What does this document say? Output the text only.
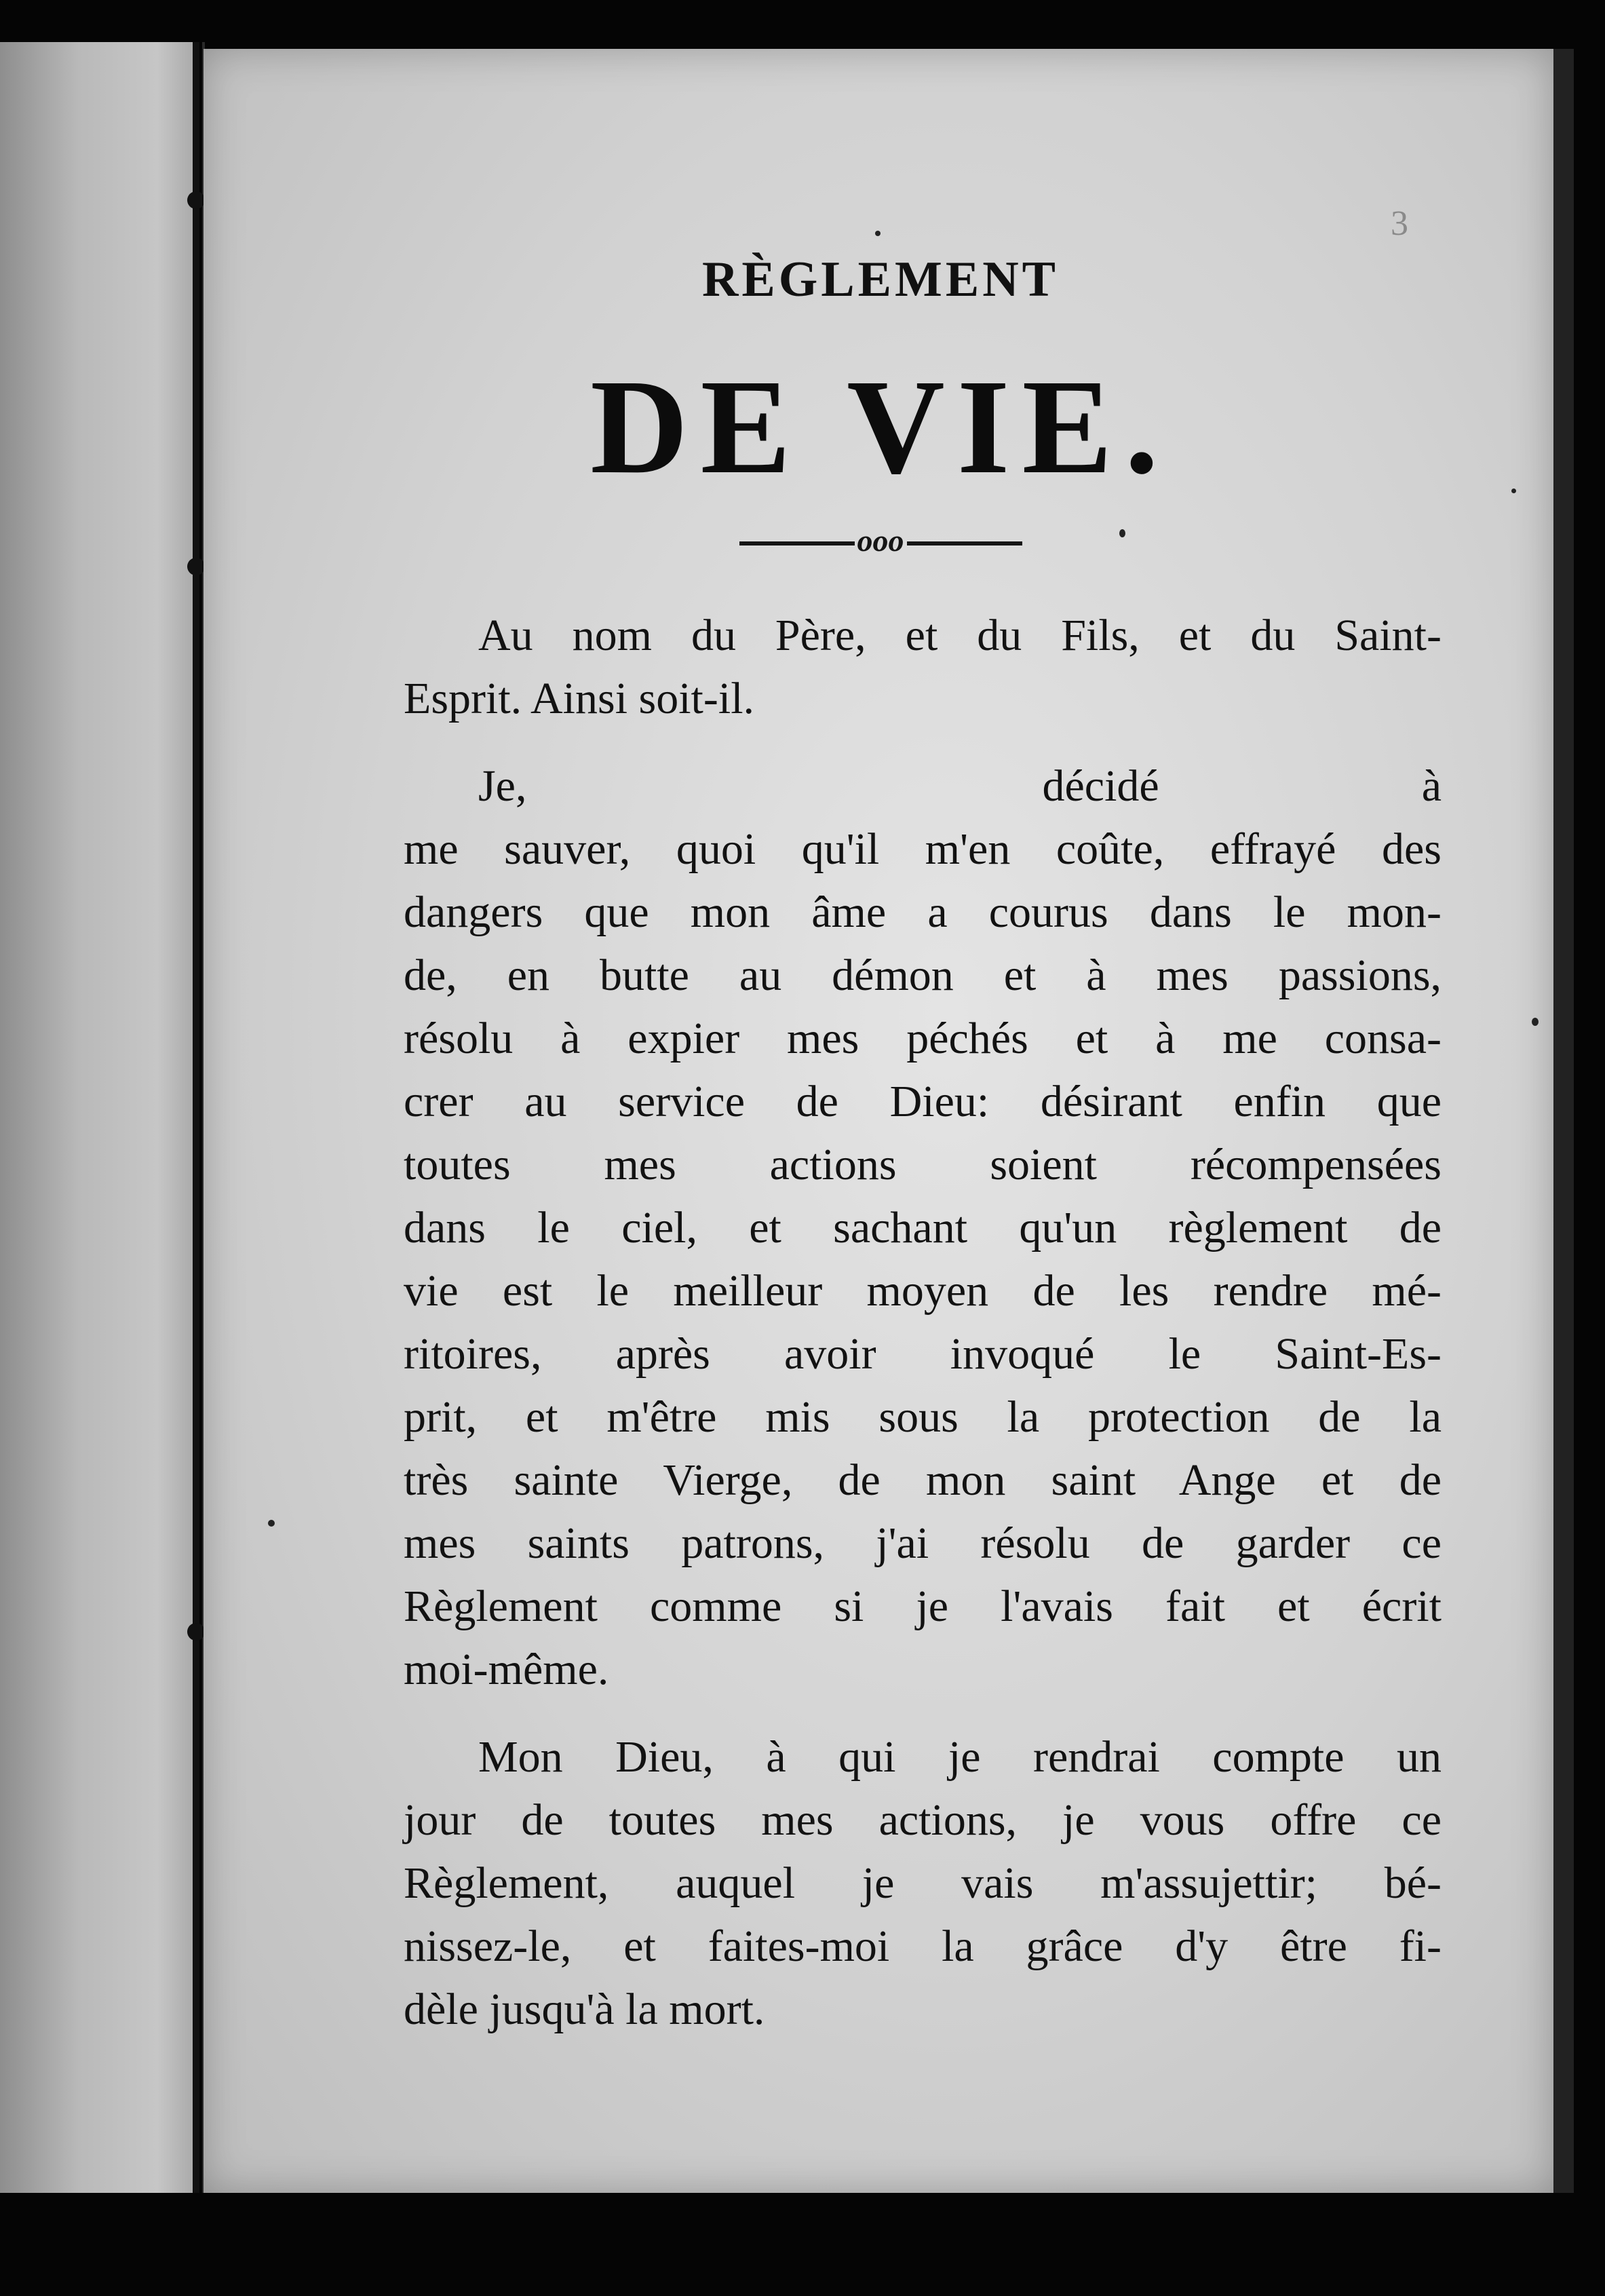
3
RÈGLEMENT
DE VIE.
ooo

Au nom du Père, et du Fils, et du Saint-
Esprit. Ainsi soit-il.

Je,	décidé à
me sauver, quoi qu'il m'en coûte, effrayé des
dangers que mon âme a courus dans le mon-
de, en butte au démon et à mes passions,
résolu à expier mes péchés et à me consa-
crer au service de Dieu: désirant enfin que
toutes mes actions soient récompensées
dans le ciel, et sachant qu'un règlement de
vie est le meilleur moyen de les rendre mé-
ritoires, après avoir invoqué le Saint-Es-
prit, et m'être mis sous la protection de la
très sainte Vierge, de mon saint Ange et de
mes saints patrons, j'ai résolu de garder ce
Règlement comme si je l'avais fait et écrit
moi-même.

Mon Dieu, à qui je rendrai compte un
jour de toutes mes actions, je vous offre ce
Règlement, auquel je vais m'assujettir; bé-
nissez-le, et faites-moi la grâce d'y être fi-
dèle jusqu'à la mort.
